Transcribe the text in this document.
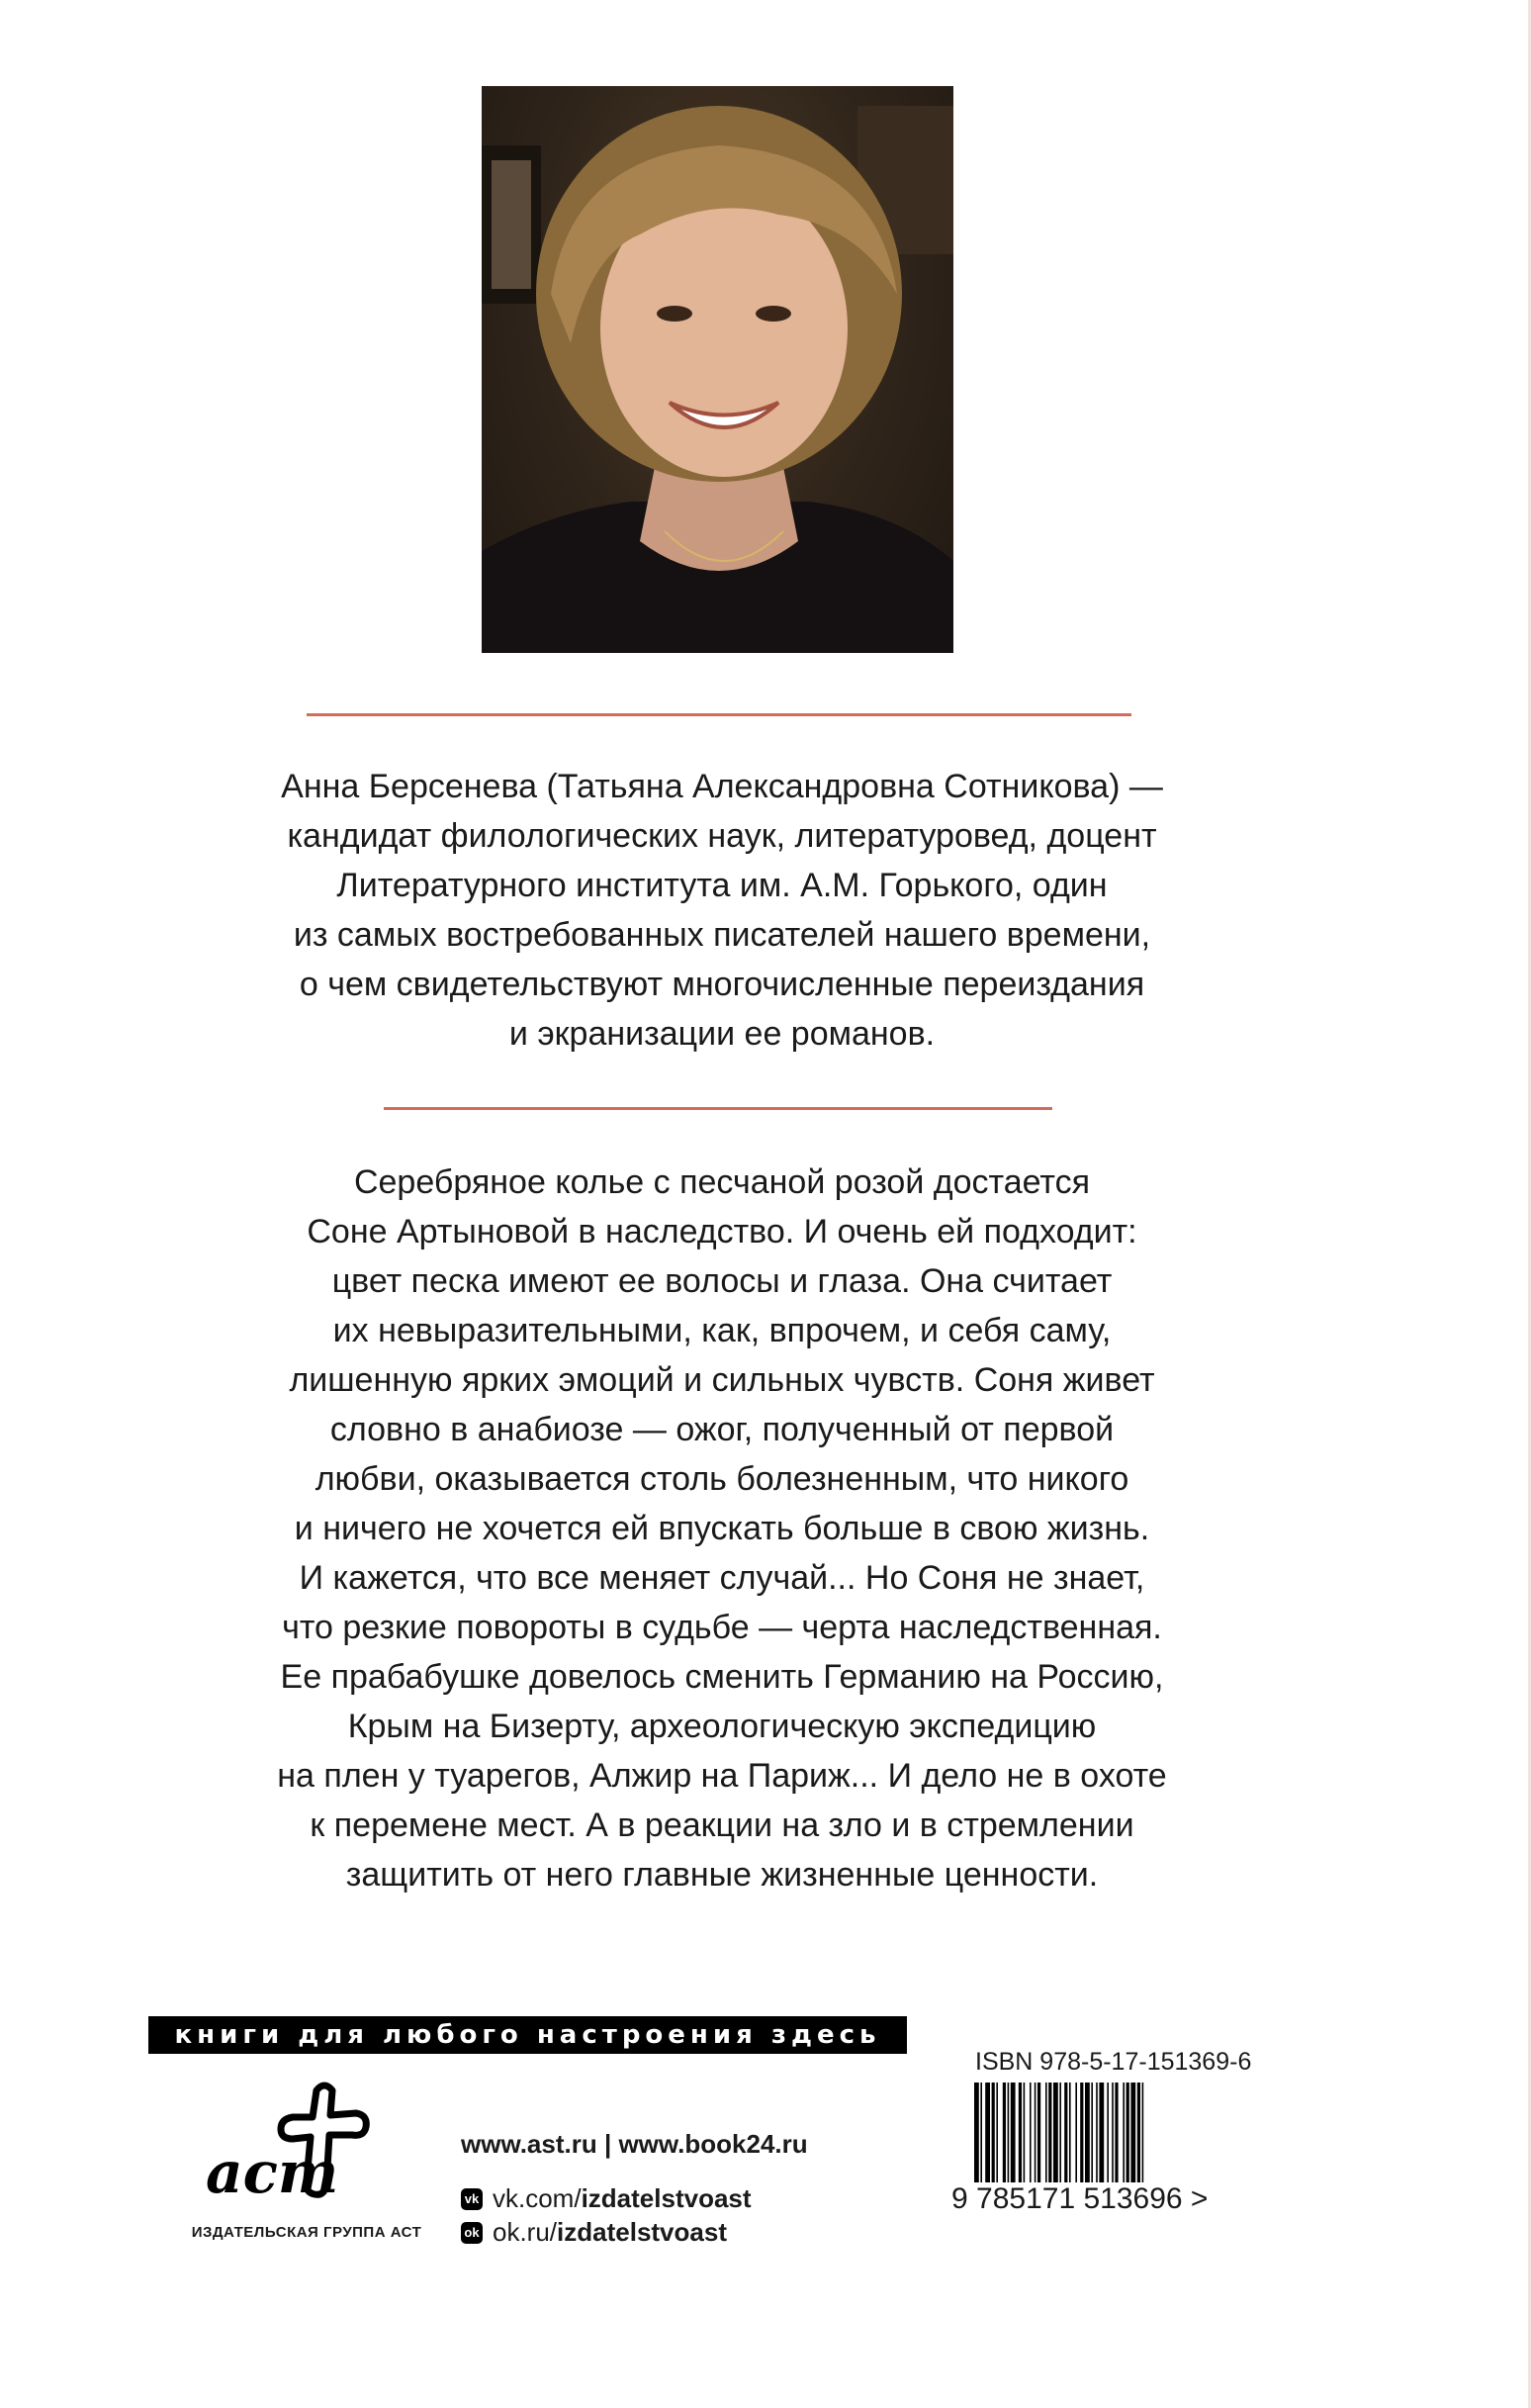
Анна Берсенева (Татьяна Александровна Сотникова) —
кандидат филологических наук, литературовед, доцент
Литературного института им. А.М. Горького, один
из самых востребованных писателей нашего времени,
о чем свидетельствуют многочисленные переиздания
и экранизации ее романов.
Серебряное колье с песчаной розой достается
Соне Артыновой в наследство. И очень ей подходит:
цвет песка имеют ее волосы и глаза. Она считает
их невыразительными, как, впрочем, и себя саму,
лишенную ярких эмоций и сильных чувств. Соня живет
словно в анабиозе — ожог, полученный от первой
любви, оказывается столь болезненным, что никого
и ничего не хочется ей впускать больше в свою жизнь.
И кажется, что все меняет случай... Но Соня не знает,
что резкие повороты в судьбе — черта наследственная.
Ее прабабушке довелось сменить Германию на Россию,
Крым на Бизерту, археологическую экспедицию
на плен у туарегов, Алжир на Париж... И дело не в охоте
к перемене мест. А в реакции на зло и в стремлении
защитить от него главные жизненные ценности.
книги для любого настроения здесь
аст
ИЗДАТЕЛЬСКАЯ ГРУППА АСТ
www.ast.ru | www.book24.ru
vk vk.com/ izdatelstvoast
ok ok.ru/ izdatelstvoast
ISBN 978-5-17-151369-6
9 785171 513696 >
